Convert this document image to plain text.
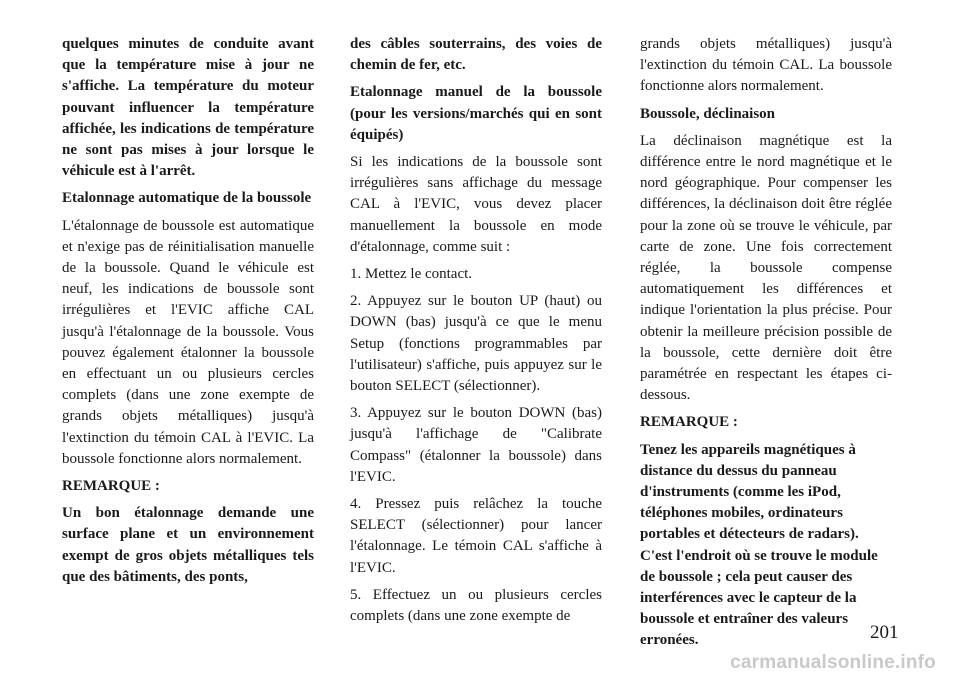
quelques minutes de conduite avant que la température mise à jour ne s'affiche. La température du moteur pouvant influencer la température affichée, les indications de température ne sont pas mises à jour lorsque le véhicule est à l'arrêt.

Etalonnage automatique de la boussole

L'étalonnage de boussole est automatique et n'exige pas de réinitialisation manuelle de la boussole. Quand le véhicule est neuf, les indications de boussole sont irrégulières et l'EVIC affiche CAL jusqu'à l'étalonnage de la boussole. Vous pouvez également étalonner la boussole en effectuant un ou plusieurs cercles complets (dans une zone exempte de grands objets métalliques) jusqu'à l'extinction du témoin CAL à l'EVIC. La boussole fonctionne alors normalement.

REMARQUE :

Un bon étalonnage demande une surface plane et un environnement exempt de gros objets métalliques tels que des bâtiments, des ponts,

des câbles souterrains, des voies de chemin de fer, etc.

Etalonnage manuel de la boussole (pour les versions/marchés qui en sont équipés)

Si les indications de la boussole sont irrégulières sans affichage du message CAL à l'EVIC, vous devez placer manuellement la boussole en mode d'étalonnage, comme suit :

1. Mettez le contact.

2. Appuyez sur le bouton UP (haut) ou DOWN (bas) jusqu'à ce que le menu Setup (fonctions programmables par l'utilisateur) s'affiche, puis appuyez sur le bouton SELECT (sélectionner).

3. Appuyez sur le bouton DOWN (bas) jusqu'à l'affichage de "Calibrate Compass" (étalonner la boussole) dans l'EVIC.

4. Pressez puis relâchez la touche SELECT (sélectionner) pour lancer l'étalonnage. Le témoin CAL s'affiche à l'EVIC.

5. Effectuez un ou plusieurs cercles complets (dans une zone exempte de

grands objets métalliques) jusqu'à l'extinction du témoin CAL. La boussole fonctionne alors normalement.

Boussole, déclinaison

La déclinaison magnétique est la différence entre le nord magnétique et le nord géographique. Pour compenser les différences, la déclinaison doit être réglée pour la zone où se trouve le véhicule, par carte de zone. Une fois correctement réglée, la boussole compense automatiquement les différences et indique l'orientation la plus précise. Pour obtenir la meilleure précision possible de la boussole, cette dernière doit être paramétrée en respectant les étapes ci-dessous.

REMARQUE :

Tenez les appareils magnétiques à distance du dessus du panneau d'instruments (comme les iPod, téléphones mobiles, ordinateurs portables et détecteurs de radars). C'est l'endroit où se trouve le module de boussole ; cela peut causer des interférences avec le capteur de la boussole et entraîner des valeurs erronées.	201
carmanualsonline.info
